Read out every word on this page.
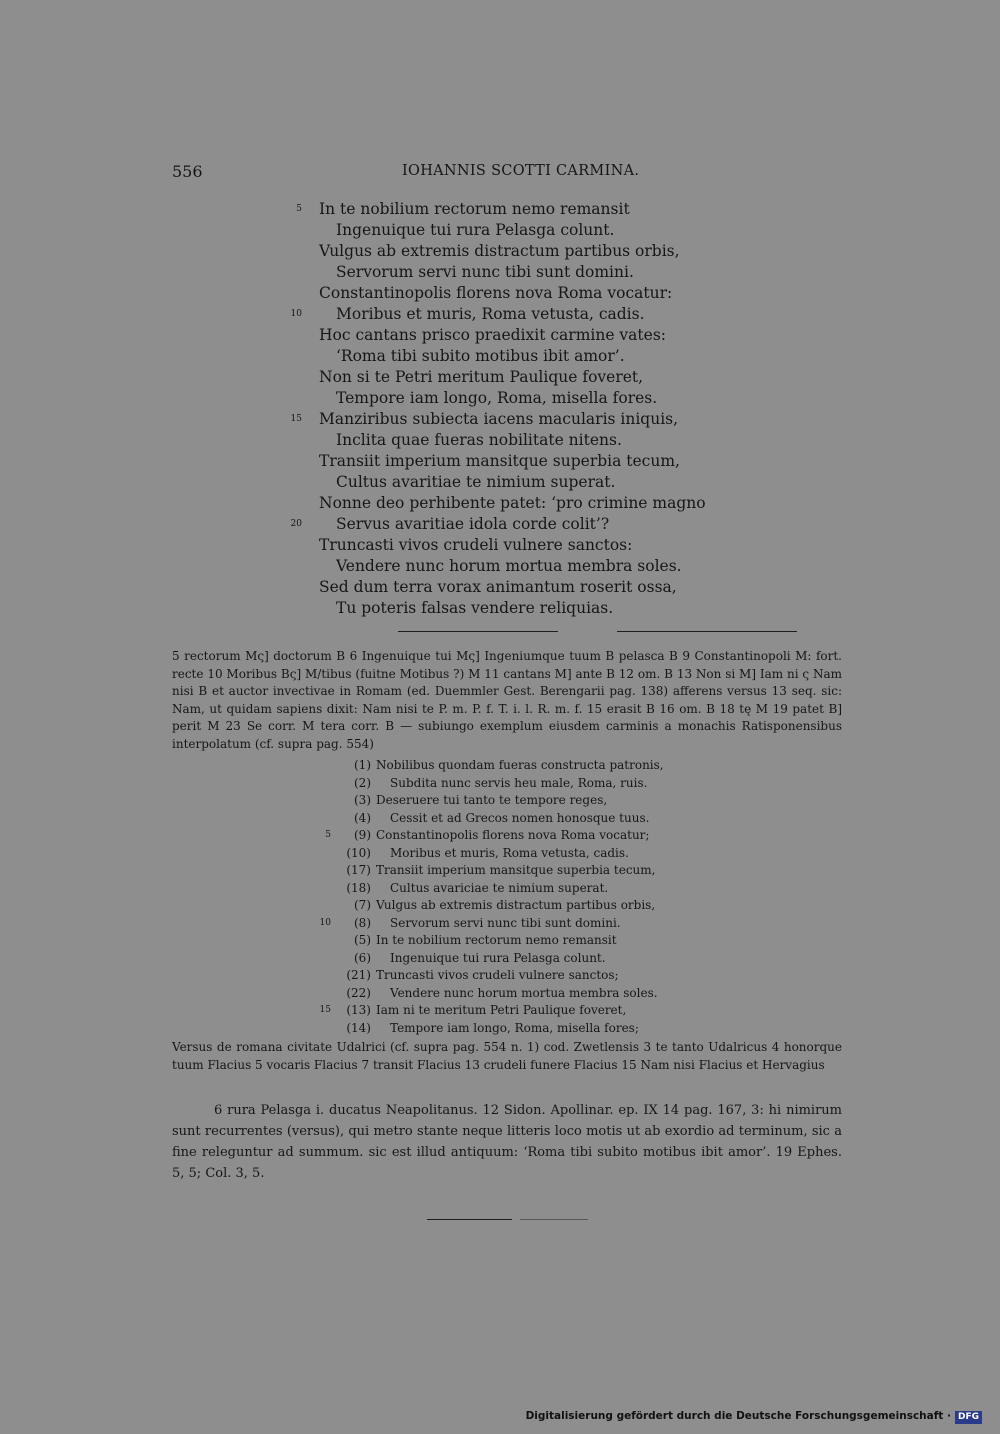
556	IOHANNIS SCOTTI CARMINA.
5 In te nobilium rectorum nemo remansit
Ingenuique tui rura Pelasga colunt.
Vulgus ab extremis distractum partibus orbis,
Servorum servi nunc tibi sunt domini.
Constantinopolis florens nova Roma vocatur:
10 Moribus et muris, Roma vetusta, cadis.
Hoc cantans prisco praedixit carmine vates:
‘Roma tibi subito motibus ibit amor’.
Non si te Petri meritum Paulique foveret,
Tempore iam longo, Roma, misella fores.
15 Manziribus subiecta iacens macularis iniquis,
Inclita quae fueras nobilitate nitens.
Transiit imperium mansitque superbia tecum,
Cultus avaritiae te nimium superat.
Nonne deo perhibente patet: ‘pro crimine magno
20 Servus avaritiae idola corde colit’?
Truncasti vivos crudeli vulnere sanctos:
Vendere nunc horum mortua membra soles.
Sed dum terra vorax animantum roserit ossa,
Tu poteris falsas vendere reliquias.

5 rectorum Mς] doctorum B 6 Ingenuique tui Mς] Ingeniumque tuum B pelasca B 9 Constantinopoli M: fort. recte 10 Moribus Bς] M/tibus (fuitne Motibus ?) M 11 cantans M] ante B 12 om. B 13 Non si M] Iam ni ς Nam nisi B et auctor invectivae in Romam (ed. Duemmler Gest. Berengarii pag. 138) afferens versus 13 seq. sic: Nam, ut quidam sapiens dixit: Nam nisi te P. m. P. f. T. i. l. R. m. f. 15 erasit B 16 om. B 18 tę M 19 patet B] perit M 23 Se corr. M tera corr. B — subiungo exemplum eiusdem carminis a monachis Ratisponensibus interpolatum (cf. supra pag. 554)

(1) Nobilibus quondam fueras constructa patronis,
(2) Subdita nunc servis heu male, Roma, ruis.
(3) Deseruere tui tanto te tempore reges,
(4) Cessit et ad Grecos nomen honosque tuus.
5	(9) Constantinopolis florens nova Roma vocatur;
(10) Moribus et muris, Roma vetusta, cadis.
(17) Transiit imperium mansitque superbia tecum,
(18) Cultus avariciae te nimium superat.
(7) Vulgus ab extremis distractum partibus orbis,
10	(8) Servorum servi nunc tibi sunt domini.
(5) In te nobilium rectorum nemo remansit
(6) Ingenuique tui rura Pelasga colunt.
(21) Truncasti vivos crudeli vulnere sanctos;
(22) Vendere nunc horum mortua membra soles.
15	(13) Iam ni te meritum Petri Paulique foveret,
(14) Tempore iam longo, Roma, misella fores;

Versus de romana civitate Udalrici (cf. supra pag. 554 n. 1) cod. Zwetlensis 3 te tanto Udalricus 4 honorque tuum Flacius 5 vocaris Flacius 7 transit Flacius 13 crudeli funere Flacius 15 Nam nisi Flacius et Hervagius

6 rura Pelasga i. ducatus Neapolitanus. 12 Sidon. Apollinar. ep. IX 14 pag. 167, 3: hi nimirum sunt recurrentes (versus), qui metro stante neque litteris loco motis ut ab exordio ad terminum, sic a fine releguntur ad summum. sic est illud antiquum: ‘Roma tibi subito motibus ibit amor’. 19 Ephes. 5, 5; Col. 3, 5.

Digitalisierung gefördert durch die Deutsche Forschungsgemeinschaft · DFG
